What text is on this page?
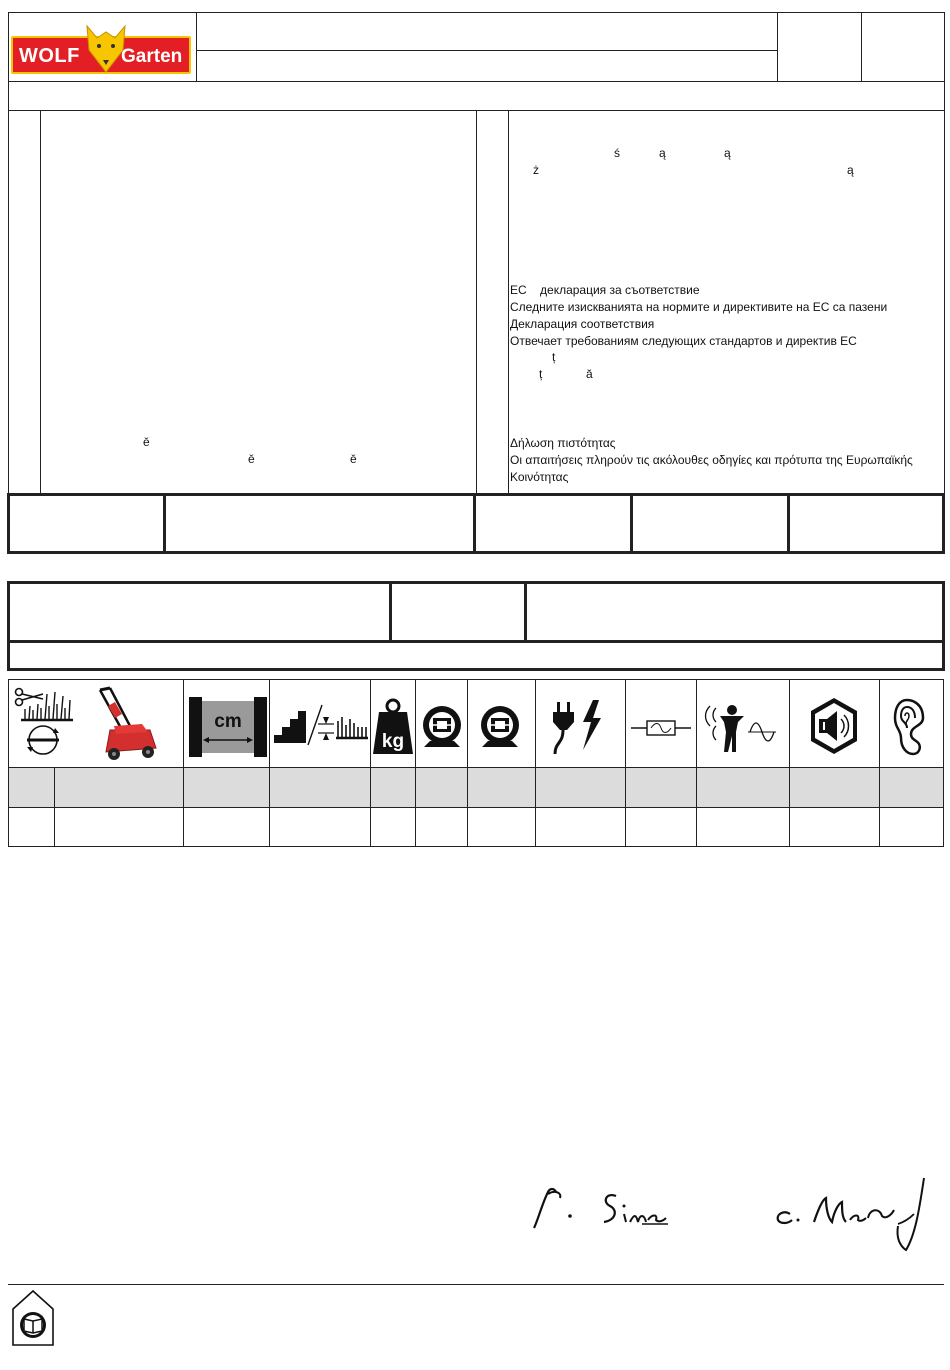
WOLF Garten
ě
ě	ě
ś	ą	ą
ż	ą
ț
ț	ă
EC декларация за съответствие
Следните изискванията на нормите и директивите на EC са пазени
Декларация соответствия
Отвечает требованиям следующих стандартов и директив ЕС
Δήλωση πιστότητας
Οι απαιτήσεις πληρούν τις ακόλουθες οδηγίες και πρότυπα της Ευρωπαϊκής
Κοινότητας
cm
kg
